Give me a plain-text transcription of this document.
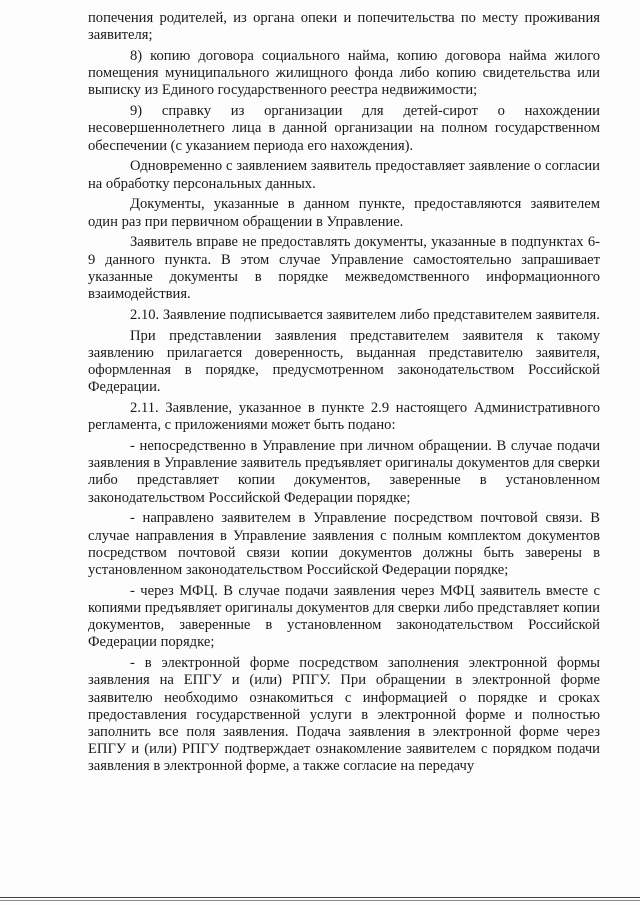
попечения родителей, из органа опеки и попечительства по месту проживания заявителя;

8) копию договора социального найма, копию договора найма жилого помещения муниципального жилищного фонда либо копию свидетельства или выписку из Единого государственного реестра недвижимости;

9) справку из организации для детей-сирот о нахождении несовершеннолетнего лица в данной организации на полном государственном обеспечении (с указанием периода его нахождения).

Одновременно с заявлением заявитель предоставляет заявление о согласии на обработку персональных данных.

Документы, указанные в данном пункте, предоставляются заявителем один раз при первичном обращении в Управление.

Заявитель вправе не предоставлять документы, указанные в подпунктах 6-9 данного пункта. В этом случае Управление самостоятельно запрашивает указанные документы в порядке межведомственного информационного взаимодействия.

2.10. Заявление подписывается заявителем либо представителем заявителя.

При представлении заявления представителем заявителя к такому заявлению прилагается доверенность, выданная представителю заявителя, оформленная в порядке, предусмотренном законодательством Российской Федерации.

2.11. Заявление, указанное в пункте 2.9 настоящего Административного регламента, с приложениями может быть подано:

- непосредственно в Управление при личном обращении. В случае подачи заявления в Управление заявитель предъявляет оригиналы документов для сверки либо представляет копии документов, заверенные в установленном законодательством Российской Федерации порядке;

- направлено заявителем в Управление посредством почтовой связи. В случае направления в Управление заявления с полным комплектом документов посредством почтовой связи копии документов должны быть заверены в установленном законодательством Российской Федерации порядке;

- через МФЦ. В случае подачи заявления через МФЦ заявитель вместе с копиями предъявляет оригиналы документов для сверки либо представляет копии документов, заверенные в установленном законодательством Российской Федерации порядке;

- в электронной форме посредством заполнения электронной формы заявления на ЕПГУ и (или) РПГУ. При обращении в электронной форме заявителю необходимо ознакомиться с информацией о порядке и сроках предоставления государственной услуги в электронной форме и полностью заполнить все поля заявления. Подача заявления в электронной форме через ЕПГУ и (или) РПГУ подтверждает ознакомление заявителем с порядком подачи заявления в электронной форме, а также согласие на передачу
